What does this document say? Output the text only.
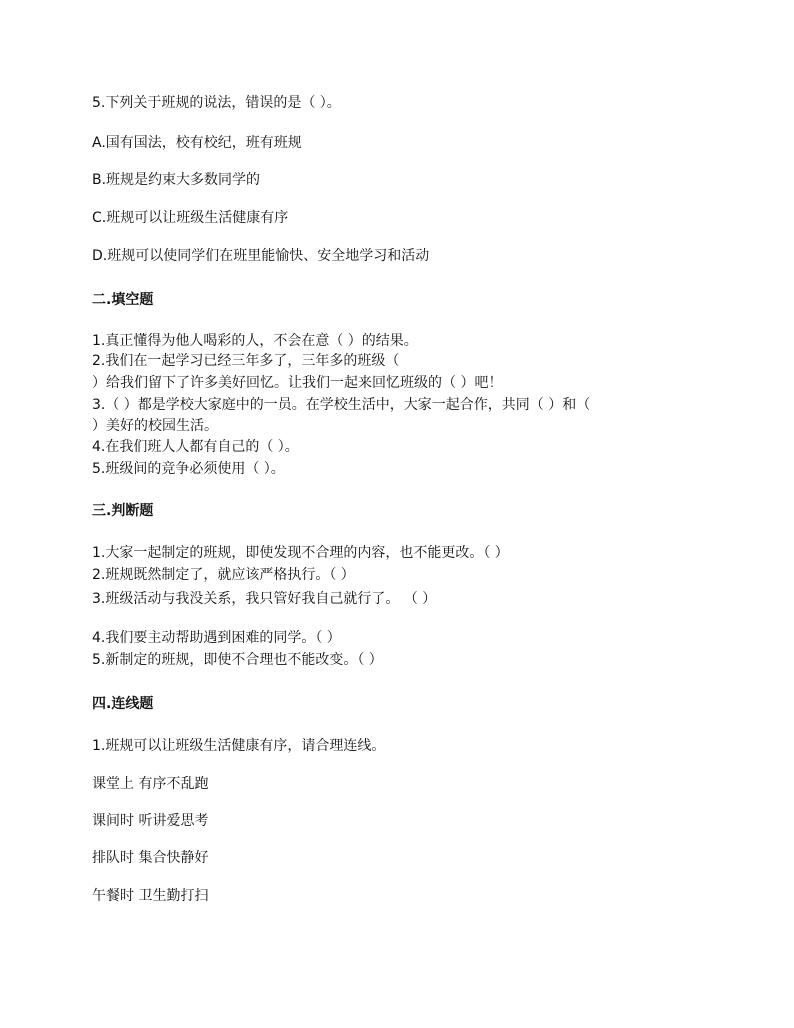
5.下列关于班规的说法，错误的是（ ）。
A.国有国法，校有校纪，班有班规
B.班规是约束大多数同学的
C.班规可以让班级生活健康有序
D.班规可以使同学们在班里能愉快、安全地学习和活动
二.填空题
1.真正懂得为他人喝彩的人，不会在意（ ）的结果。
2.我们在一起学习已经三年多了，三年多的班级（
）给我们留下了许多美好回忆。让我们一起来回忆班级的（ ）吧！
3.（ ）都是学校大家庭中的一员。在学校生活中，大家一起合作，共同（ ）和（
）美好的校园生活。
4.在我们班人人都有自己的（ ）。
5.班级间的竞争必须使用（ ）。
三.判断题
1.大家一起制定的班规，即使发现不合理的内容，也不能更改。（ ）
2.班规既然制定了，就应该严格执行。（ ）
3.班级活动与我没关系，我只管好我自己就行了。 （ ）
4.我们要主动帮助遇到困难的同学。（ ）
5.新制定的班规，即使不合理也不能改变。（ ）
四.连线题
1.班规可以让班级生活健康有序，请合理连线。
课堂上 有序不乱跑
课间时 听讲爱思考
排队时 集合快静好
午餐时 卫生勤打扫
